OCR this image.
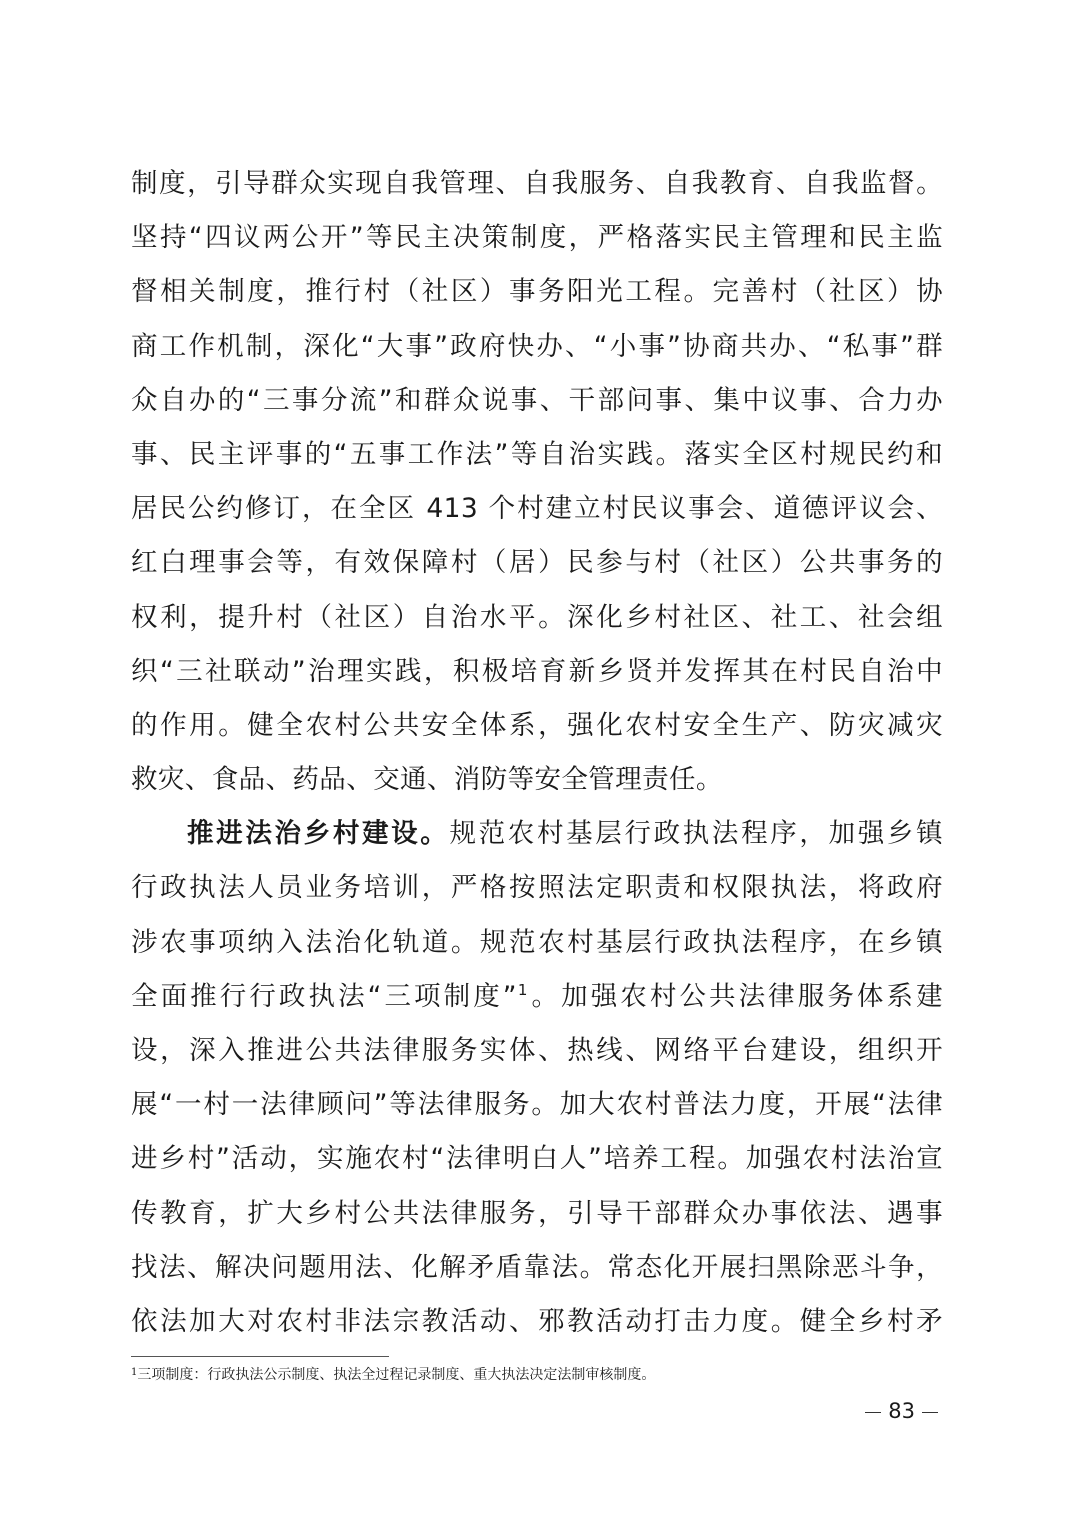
制度，引导群众实现自我管理、自我服务、自我教育、自我监督。
坚持“四议两公开”等民主决策制度，严格落实民主管理和民主监
督相关制度，推行村（社区）事务阳光工程。完善村（社区）协
商工作机制，深化“大事”政府快办、“小事”协商共办、“私事”群
众自办的“三事分流”和群众说事、干部问事、集中议事、合力办
事、民主评事的“五事工作法”等自治实践。落实全区村规民约和
居民公约修订，在全区 413 个村建立村民议事会、道德评议会、
红白理事会等，有效保障村（居）民参与村（社区）公共事务的
权利，提升村（社区）自治水平。深化乡村社区、社工、社会组
织“三社联动”治理实践，积极培育新乡贤并发挥其在村民自治中
的作用。健全农村公共安全体系，强化农村安全生产、防灾减灾
救灾、食品、药品、交通、消防等安全管理责任。
推进法治乡村建设。规范农村基层行政执法程序，加强乡镇
行政执法人员业务培训，严格按照法定职责和权限执法，将政府
涉农事项纳入法治化轨道。规范农村基层行政执法程序，在乡镇
全面推行行政执法“三项制度”$^1$。加强农村公共法律服务体系建
设，深入推进公共法律服务实体、热线、网络平台建设，组织开
展“一村一法律顾问”等法律服务。加大农村普法力度，开展“法律
进乡村”活动，实施农村“法律明白人”培养工程。加强农村法治宣
传教育，扩大乡村公共法律服务，引导干部群众办事依法、遇事
找法、解决问题用法、化解矛盾靠法。常态化开展扫黑除恶斗争，
依法加大对农村非法宗教活动、邪教活动打击力度。健全乡村矛
$^1$三项制度：行政执法公示制度、执法全过程记录制度、重大执法决定法制审核制度。
83
